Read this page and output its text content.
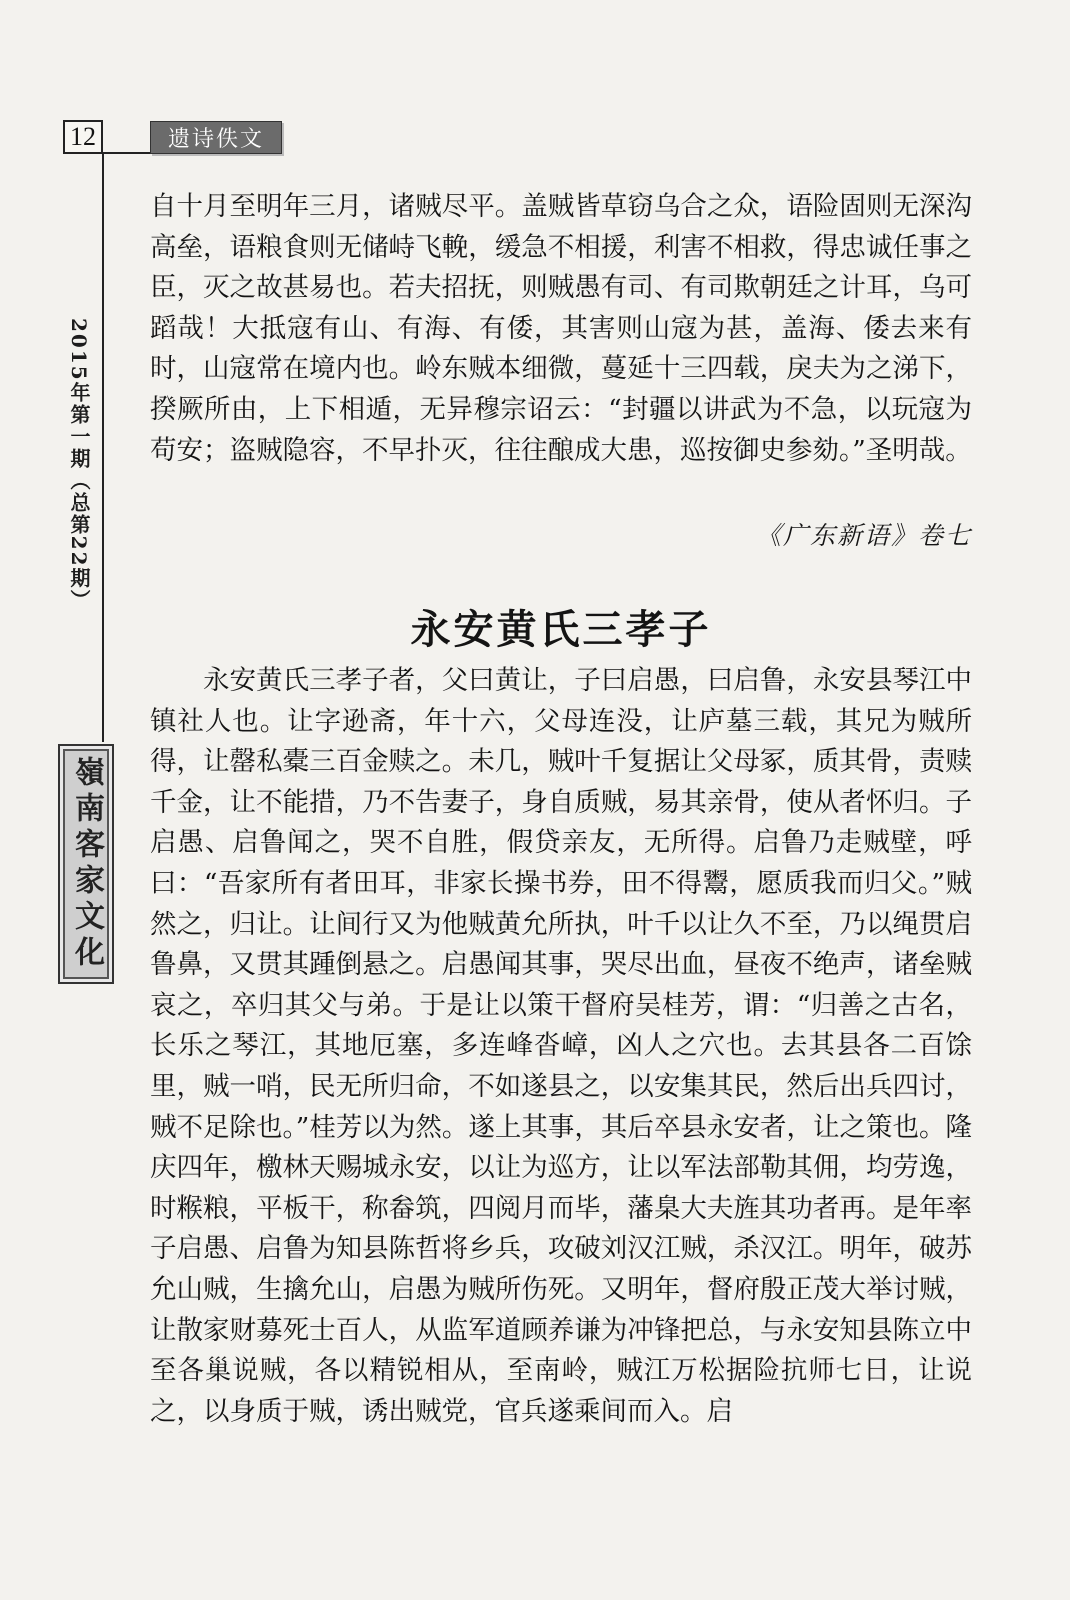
12	遗诗佚文
2015年第一期（总第22期）
嶺南客家文化

自十月至明年三月，诸贼尽平。盖贼皆草窃乌合之众，语险固则无深沟高垒，语粮食则无储峙飞輓，缓急不相援，利害不相救，得忠诚任事之臣，灭之故甚易也。若夫招抚，则贼愚有司、有司欺朝廷之计耳，乌可蹈哉！大抵寇有山、有海、有倭，其害则山寇为甚，盖海、倭去来有时，山寇常在境内也。岭东贼本细微，蔓延十三四载，戾夫为之涕下，揆厥所由，上下相遁，无异穆宗诏云：“封疆以讲武为不急，以玩寇为苟安；盗贼隐容，不早扑灭，往往酿成大患，巡按御史参劾。”圣明哉。

《广东新语》卷七

永安黄氏三孝子

永安黄氏三孝子者，父曰黄让，子曰启愚，曰启鲁，永安县琴江中镇社人也。让字逊斋，年十六，父母连没，让庐墓三载，其兄为贼所得，让罄私橐三百金赎之。未几，贼叶千复据让父母冢，质其骨，责赎千金，让不能措，乃不告妻子，身自质贼，易其亲骨，使从者怀归。子启愚、启鲁闻之，哭不自胜，假贷亲友，无所得。启鲁乃走贼壁，呼曰：“吾家所有者田耳，非家长操书券，田不得鬻，愿质我而归父。”贼然之，归让。让间行又为他贼黄允所执，叶千以让久不至，乃以绳贯启鲁鼻，又贯其踵倒悬之。启愚闻其事，哭尽出血，昼夜不绝声，诸垒贼哀之，卒归其父与弟。于是让以策干督府吴桂芳，谓：“归善之古名，长乐之琴江，其地厄塞，多连峰沓嶂，凶人之穴也。去其县各二百馀里，贼一哨，民无所归命，不如遂县之，以安集其民，然后出兵四讨，贼不足除也。”桂芳以为然。遂上其事，其后卒县永安者，让之策也。隆庆四年，檄林天赐城永安，以让为巡方，让以军法部勒其佣，均劳逸，时糇粮，平板干，称畚筑，四阅月而毕，藩臬大夫旌其功者再。是年率子启愚、启鲁为知县陈哲将乡兵，攻破刘汉江贼，杀汉江。明年，破苏允山贼，生擒允山，启愚为贼所伤死。又明年，督府殷正茂大举讨贼，让散家财募死士百人，从监军道顾养谦为冲锋把总，与永安知县陈立中至各巢说贼，各以精锐相从，至南岭，贼江万松据险抗师七日，让说之，以身质于贼，诱出贼党，官兵遂乘间而入。启
